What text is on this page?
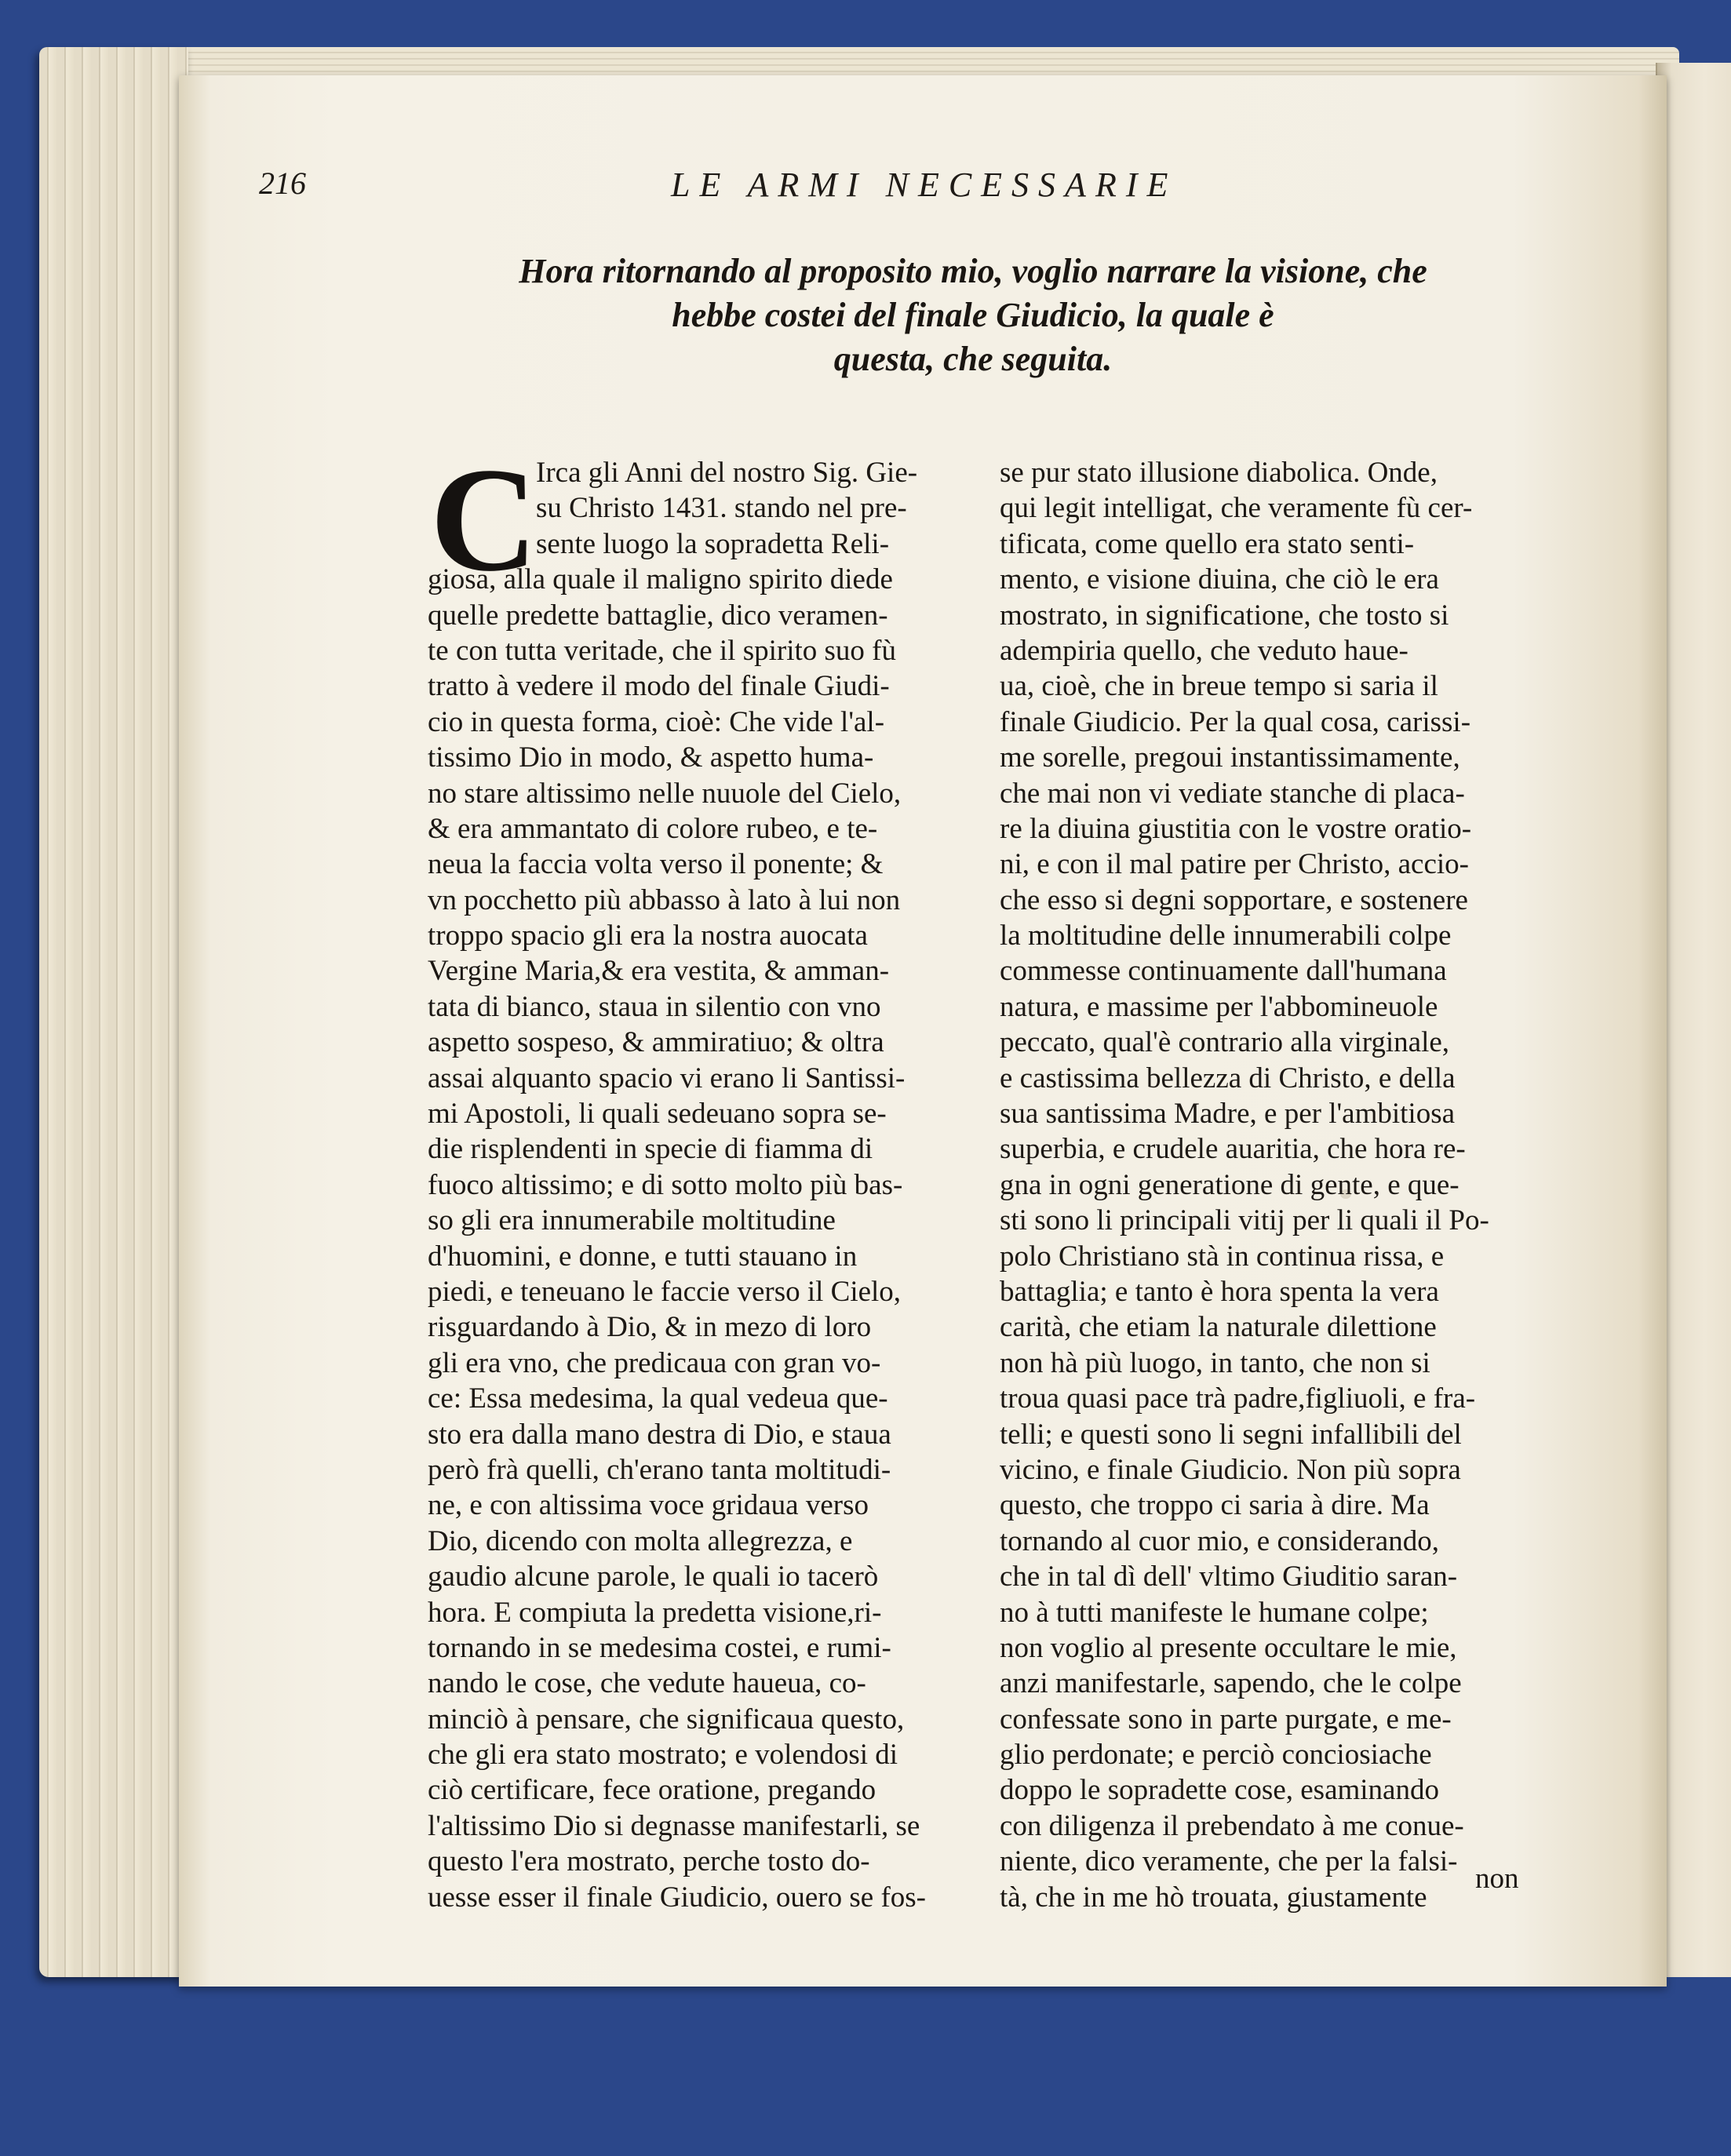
216	LE ARMI NECESSARIE
Hora ritornando al proposito mio, voglio narrare la visione, che
hebbe costei del finale Giudicio, la quale è
questa, che seguita.
C
Irca gli Anni del nostro Sig. Gie-
su Christo 1431. stando nel pre-
sente luogo la sopradetta Reli-
giosa, alla quale il maligno spirito diede
quelle predette battaglie, dico veramen-
te con tutta veritade, che il spirito suo fù
tratto à vedere il modo del finale Giudi-
cio in questa forma, cioè: Che vide l'al-
tissimo Dio in modo, & aspetto huma-
no stare altissimo nelle nuuole del Cielo,
& era ammantato di colore rubeo, e te-
neua la faccia volta verso il ponente; &
vn pocchetto più abbasso à lato à lui non
troppo spacio gli era la nostra auocata
Vergine Maria,& era vestita, & amman-
tata di bianco, staua in silentio con vno
aspetto sospeso, & ammiratiuo; & oltra
assai alquanto spacio vi erano li Santissi-
mi Apostoli, li quali sedeuano sopra se-
die risplendenti in specie di fiamma di
fuoco altissimo; e di sotto molto più bas-
so gli era innumerabile moltitudine
d'huomini, e donne, e tutti stauano in
piedi, e teneuano le faccie verso il Cielo,
risguardando à Dio, & in mezo di loro
gli era vno, che predicaua con gran vo-
ce: Essa medesima, la qual vedeua que-
sto era dalla mano destra di Dio, e staua
però frà quelli, ch'erano tanta moltitudi-
ne, e con altissima voce gridaua verso
Dio, dicendo con molta allegrezza, e
gaudio alcune parole, le quali io tacerò
hora. E compiuta la predetta visione,ri-
tornando in se medesima costei, e rumi-
nando le cose, che vedute haueua, co-
minciò à pensare, che significaua questo,
che gli era stato mostrato; e volendosi di
ciò certificare, fece oratione, pregando
l'altissimo Dio si degnasse manifestarli, se
questo l'era mostrato, perche tosto do-
uesse esser il finale Giudicio, ouero se fos-
se pur stato illusione diabolica. Onde,
qui legit intelligat, che veramente fù cer-
tificata, come quello era stato senti-
mento, e visione diuina, che ciò le era
mostrato, in significatione, che tosto si
adempiria quello, che veduto haue-
ua, cioè, che in breue tempo si saria il
finale Giudicio. Per la qual cosa, carissi-
me sorelle, pregoui instantissimamente,
che mai non vi vediate stanche di placa-
re la diuina giustitia con le vostre oratio-
ni, e con il mal patire per Christo, accio-
che esso si degni sopportare, e sostenere
la moltitudine delle innumerabili colpe
commesse continuamente dall'humana
natura, e massime per l'abbomineuole
peccato, qual'è contrario alla virginale,
e castissima bellezza di Christo, e della
sua santissima Madre, e per l'ambitiosa
superbia, e crudele auaritia, che hora re-
gna in ogni generatione di gente, e que-
sti sono li principali vitij per li quali il Po-
polo Christiano stà in continua rissa, e
battaglia; e tanto è hora spenta la vera
carità, che etiam la naturale dilettione
non hà più luogo, in tanto, che non si
troua quasi pace trà padre,figliuoli, e fra-
telli; e questi sono li segni infallibili del
vicino, e finale Giudicio. Non più sopra
questo, che troppo ci saria à dire. Ma
tornando al cuor mio, e considerando,
che in tal dì dell' vltimo Giuditio saran-
no à tutti manifeste le humane colpe;
non voglio al presente occultare le mie,
anzi manifestarle, sapendo, che le colpe
confessate sono in parte purgate, e me-
glio perdonate; e perciò conciosiache
doppo le sopradette cose, esaminando
con diligenza il prebendato à me conue-
niente, dico veramente, che per la falsi-
tà, che in me hò trouata, giustamente
non
